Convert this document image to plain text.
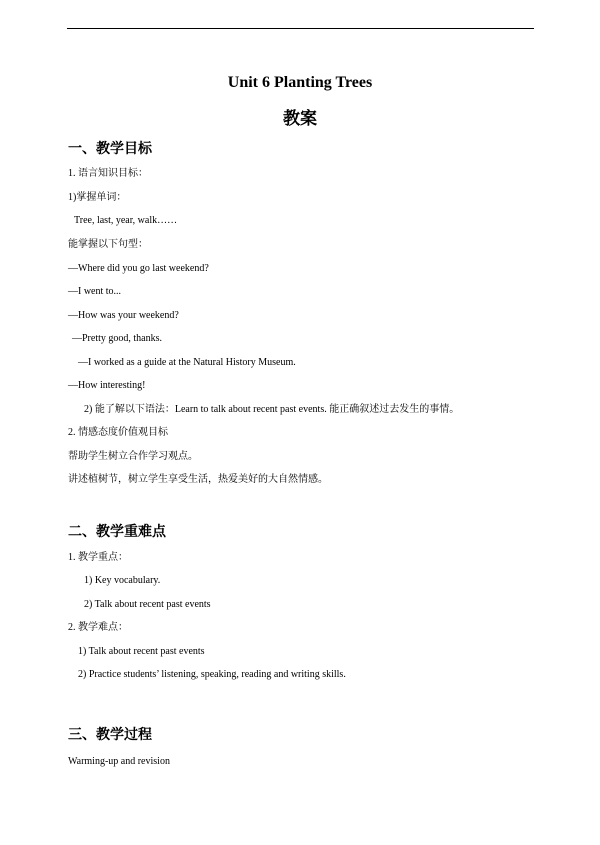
Unit 6 Planting Trees
教案
一、教学目标
1. 语言知识目标：
1)掌握单词：
Tree, last, year, walk……
能掌握以下句型：
—Where did you go last weekend?
—I went to...
—How was your weekend?
—Pretty good, thanks.
—I worked as a guide at the Natural History Museum.
—How interesting!
2) 能了解以下语法：Learn to talk about recent past events. 能正确叙述过去发生的事情。
2. 情感态度价值观目标
帮助学生树立合作学习观点。
讲述植树节，树立学生享受生活，热爱美好的大自然情感。
二、教学重难点
1. 教学重点：
1) Key vocabulary.
2) Talk about recent past events
2. 教学难点：
1) Talk about recent past events
2) Practice students’ listening, speaking, reading and writing skills.
三、教学过程
Warming-up and revision
